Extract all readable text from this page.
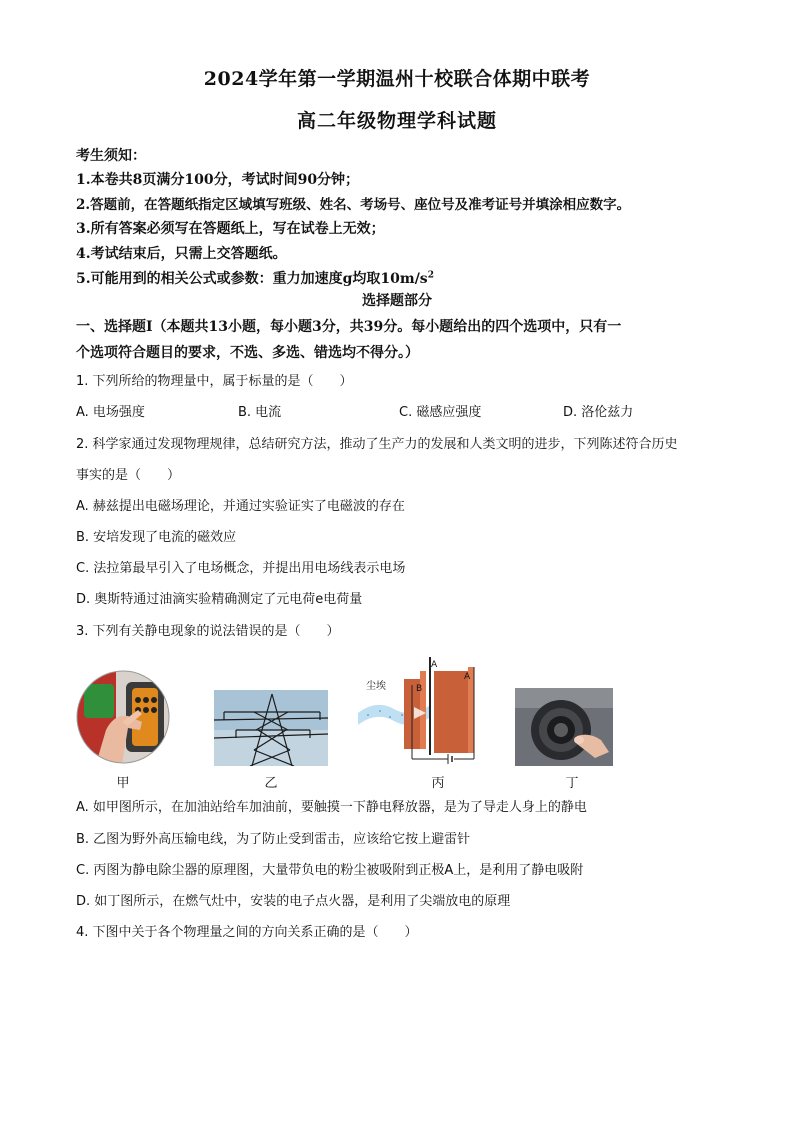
2024学年第一学期温州十校联合体期中联考
高二年级物理学科试题
考生须知：
1.本卷共8页满分100分，考试时间90分钟；
2.答题前，在答题纸指定区域填写班级、姓名、考场号、座位号及准考证号并填涂相应数字。
3.所有答案必须写在答题纸上，写在试卷上无效；
4.考试结束后，只需上交答题纸。
5.可能用到的相关公式或参数：重力加速度g均取$10m/s^2$
选择题部分
一、选择题Ⅰ（本题共13小题，每小题3分，共39分。每小题给出的四个选项中，只有一
个选项符合题目的要求，不选、多选、错选均不得分。）
1. 下列所给的物理量中，属于标量的是（　　）
A. 电场强度	B. 电流	C. 磁感应强度	D. 洛伦兹力
2. 科学家通过发现物理规律，总结研究方法，推动了生产力的发展和人类文明的进步，下列陈述符合历史
事实的是（　　）
A. 赫兹提出电磁场理论，并通过实验证实了电磁波的存在
B. 安培发现了电流的磁效应
C. 法拉第最早引入了电场概念，并提出用电场线表示电场
D. 奥斯特通过油滴实验精确测定了元电荷e电荷量
3. 下列有关静电现象的说法错误的是（　　）
尘埃
A
A
B
甲	乙	丙	丁
A. 如甲图所示，在加油站给车加油前，要触摸一下静电释放器，是为了导走人身上的静电
B. 乙图为野外高压输电线，为了防止受到雷击，应该给它按上避雷针
C. 丙图为静电除尘器的原理图，大量带负电的粉尘被吸附到正极A上，是利用了静电吸附
D. 如丁图所示，在燃气灶中，安装的电子点火器，是利用了尖端放电的原理
4. 下图中关于各个物理量之间的方向关系正确的是（　　）
